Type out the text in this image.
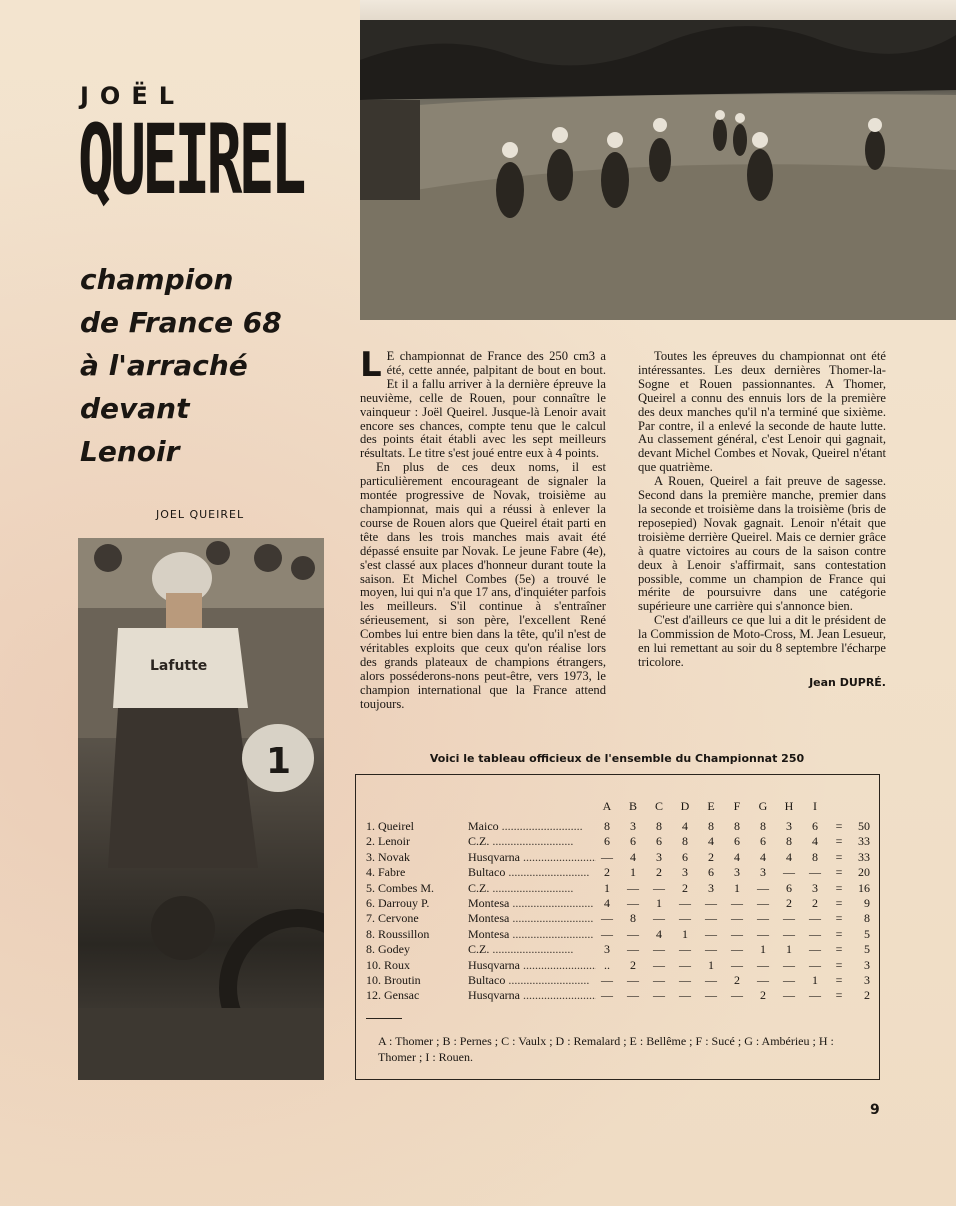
JOËL
QUEIREL
champion
de France 68
à l'arraché
devant
Lenoir
Lafutte
1
JOEL QUEIREL

L E championnat de France des 250 cm3 a été, cette année, palpitant de bout en bout. Et il a fallu arriver à la dernière épreuve la neuvième, celle de Rouen, pour connaître le vainqueur : Joël Queirel. Jusque-là Lenoir avait encore ses chances, compte tenu que le calcul des points était établi avec les sept meilleurs résultats. Le titre s'est joué entre eux à 4 points.

En plus de ces deux noms, il est particulièrement encourageant de signaler la montée progressive de Novak, troisième au championnat, mais qui a réussi à enlever la course de Rouen alors que Queirel était parti en tête dans les trois manches mais avait été dépassé ensuite par Novak. Le jeune Fabre (4e), s'est classé aux places d'honneur durant toute la saison. Et Michel Combes (5e) a trouvé le moyen, lui qui n'a que 17 ans, d'inquiéter parfois les meilleurs. S'il continue à s'entraîner sérieusement, si son père, l'excellent René Combes lui entre bien dans la tête, qu'il n'est de véritables exploits que ceux qu'on réalise lors des grands plateaux de champions étrangers, alors posséderons-nons peut-être, vers 1973, le champion international que la France attend toujours.

Toutes les épreuves du championnat ont été intéressantes. Les deux dernières Thomer-la-Sogne et Rouen passionnantes. A Thomer, Queirel a connu des ennuis lors de la première des deux manches qu'il n'a terminé que sixième. Par contre, il a enlevé la seconde de haute lutte. Au classement général, c'est Lenoir qui gagnait, devant Michel Combes et Novak, Queirel n'étant que quatrième.

A Rouen, Queirel a fait preuve de sagesse. Second dans la première manche, premier dans la seconde et troisième dans la troisième (bris de reposepied) Novak gagnait. Lenoir n'était que troisième derrière Queirel. Mais ce dernier grâce à quatre victoires au cours de la saison contre deux à Lenoir s'affirmait, sans contestation possible, comme un champion de France qui mérite de poursuivre dans une catégorie supérieure une carrière qui s'annonce bien.

C'est d'ailleurs ce que lui a dit le président de la Commission de Moto-Cross, M. Jean Lesueur, en lui remettant au soir du 8 septembre l'écharpe tricolore.

Jean DUPRÉ.
Voici le tableau officieux de l'ensemble du Championnat 250
A	B	C	D	E	F	G	H	I
1. Queirel	Maico .....	8	3	8	4	8	8	8	3	6	=	50
2. Lenoir	C.Z. .....	6	6	6	8	4	6	6	8	4	=	33
3. Novak	Husqvarna .....	—	4	3	6	2	4	4	4	8	=	33
4. Fabre	Bultaco .....	2	1	2	3	6	3	3	—	—	=	20
5. Combes M.	C.Z. .....	1	—	—	2	3	1	—	6	3	=	16
6. Darrouy P.	Montesa .....	4	—	1	—	—	—	—	2	2	=	9
7. Cervone	Montesa .....	—	8	—	—	—	—	—	—	—	=	8
8. Roussillon	Montesa .....	—	—	4	1	—	—	—	—	—	=	5
8. Godey	C.Z. .....	3	—	—	—	—	—	1	1	—	=	5
10. Roux	Husqvarna .....	..	2	—	—	1	—	—	—	—	=	3
10. Broutin	Bultaco .....	—	—	—	—	—	2	—	—	1	=	3
12. Gensac	Husqvarna .....	—	—	—	—	—	—	2	—	—	=	2
A : Thomer ; B : Pernes ; C : Vaulx ; D : Remalard ; E : Bellême ; F : Sucé ; G : Ambérieu ; H : Thomer ; I : Rouen.
9
